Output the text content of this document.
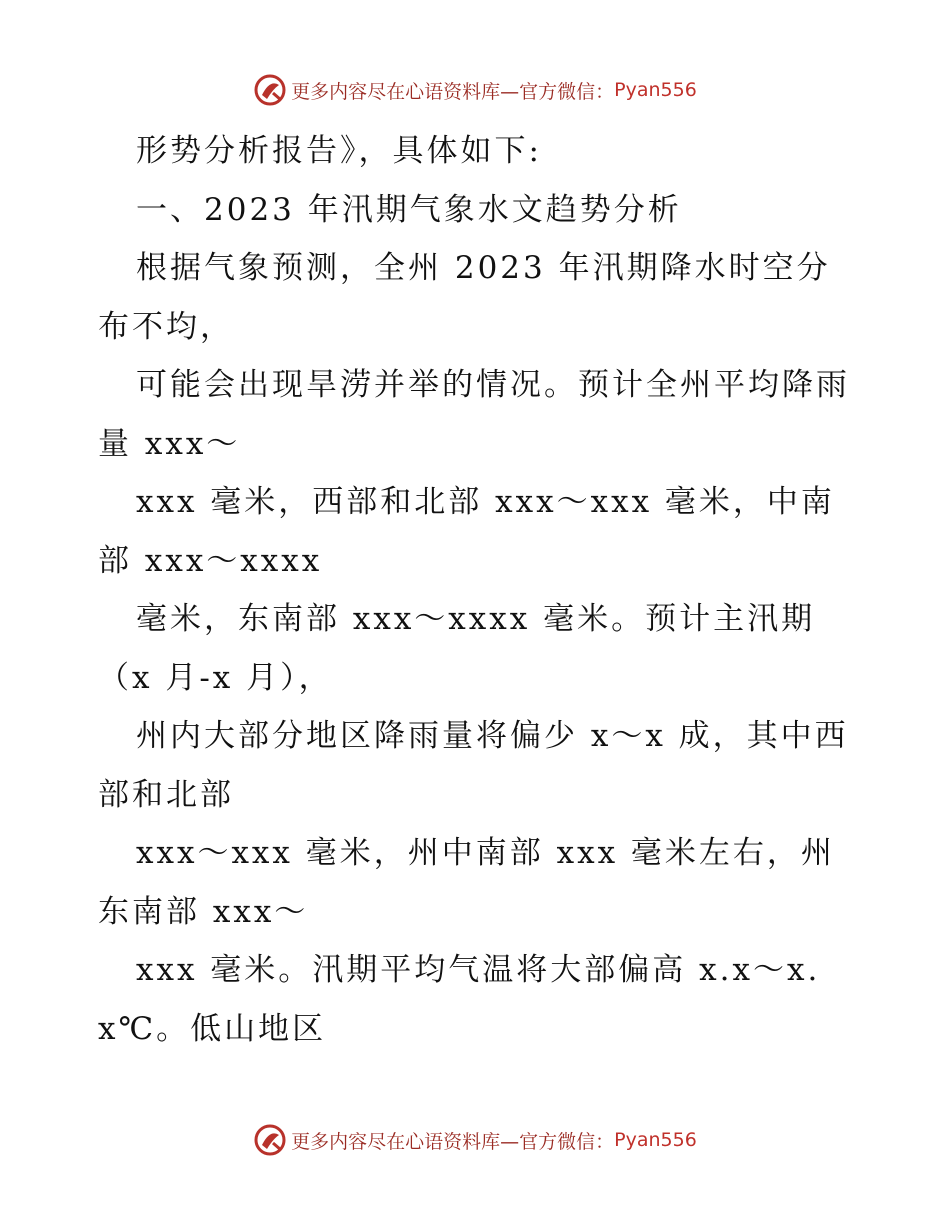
更多内容尽在心语资料库—官方微信： Pyan556

形势分析报告》，具体如下:

一、2023 年汛期气象水文趋势分析

根据气象预测，全州 2023 年汛期降水时空分布不均，

可能会出现旱涝并举的情况。预计全州平均降雨量 xxx～

xxx 毫米，西部和北部 xxx～xxx 毫米，中南部 xxx～xxxx

毫米，东南部 xxx～xxxx 毫米。预计主汛期（x 月-x 月），

州内大部分地区降雨量将偏少 x～x 成，其中西部和北部

xxx～xxx 毫米，州中南部 xxx 毫米左右，州东南部 xxx～

xxx 毫米。汛期平均气温将大部偏高 x.x～x.x℃。低山地区

更多内容尽在心语资料库—官方微信： Pyan556
